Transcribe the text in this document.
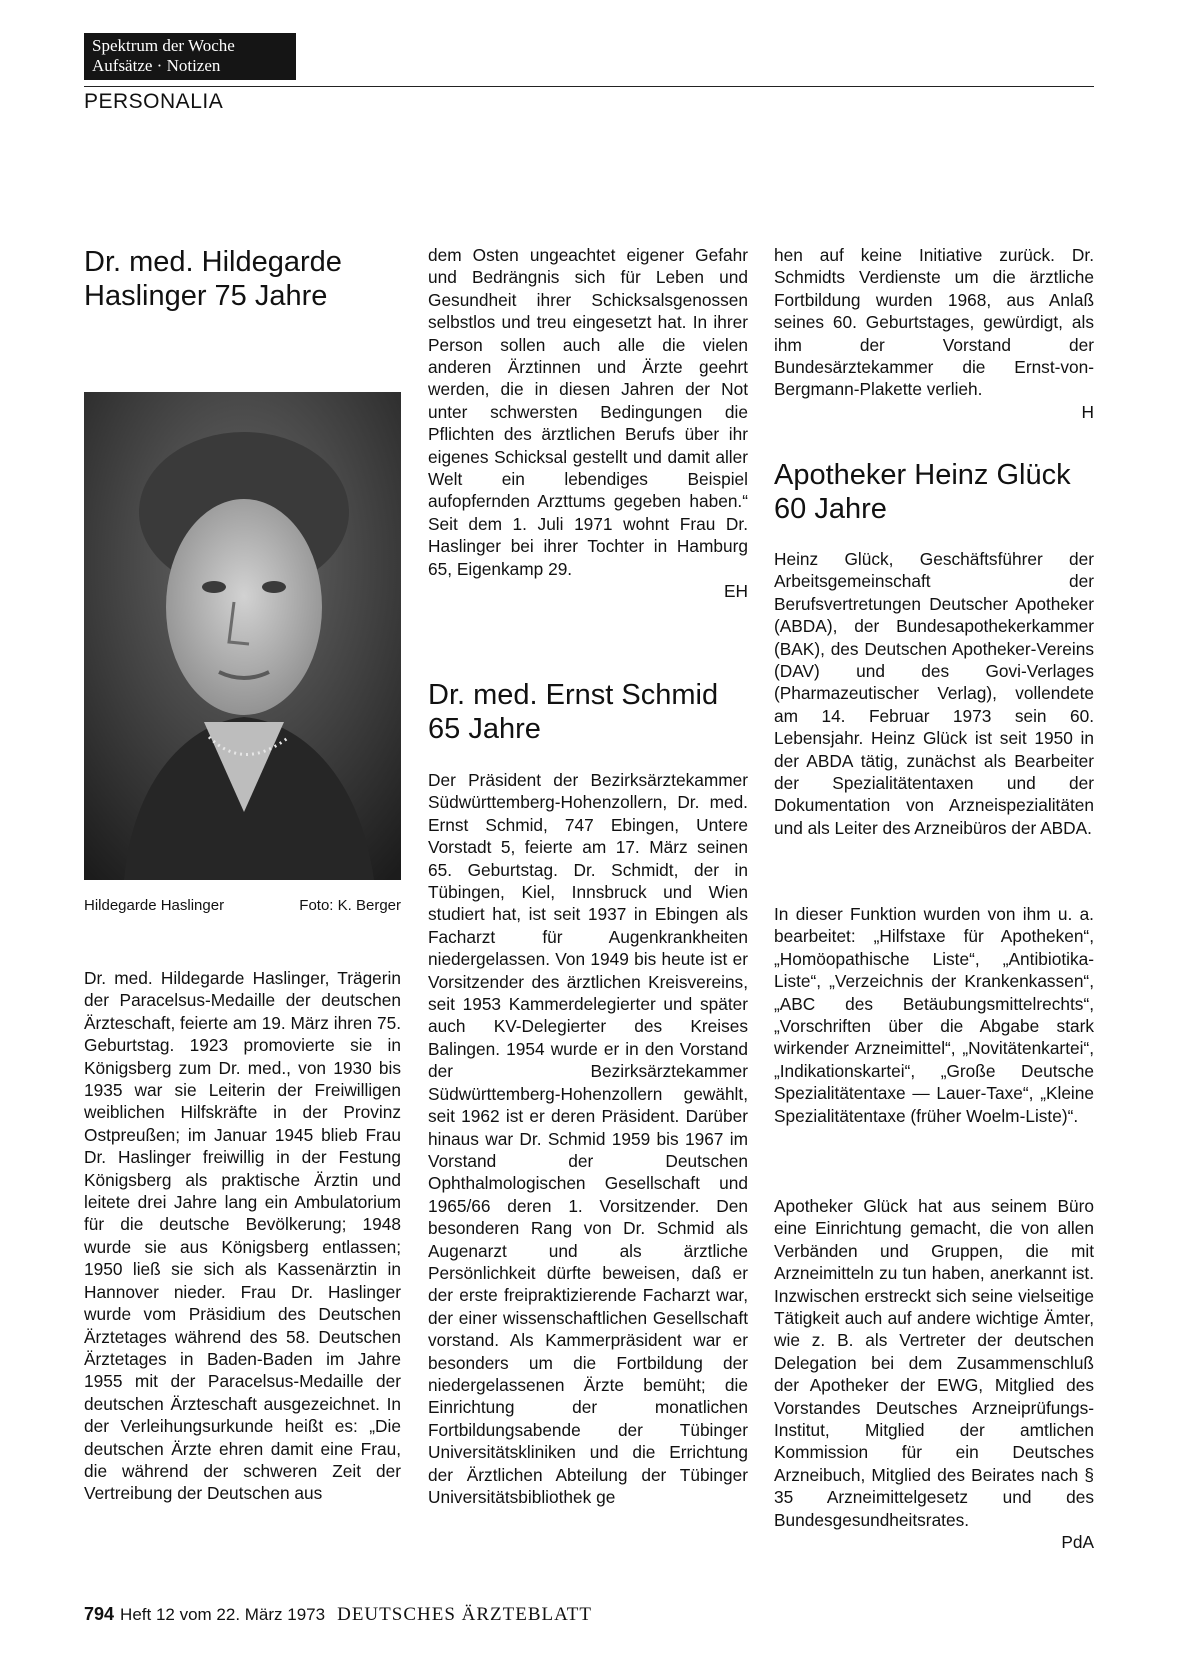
Spektrum der Woche
Aufsätze · Notizen
PERSONALIA
Dr. med. Hildegarde Haslinger 75 Jahre
Hildegarde Haslinger	Foto: K. Berger

Dr. med. Hildegarde Haslinger, Trägerin der Paracelsus-Medaille der deutschen Ärzteschaft, feierte am 19. März ihren 75. Geburtstag. 1923 promovierte sie in Königsberg zum Dr. med., von 1930 bis 1935 war sie Leiterin der Freiwilligen weiblichen Hilfskräfte in der Provinz Ostpreußen; im Januar 1945 blieb Frau Dr. Haslinger freiwillig in der Festung Königsberg als praktische Ärztin und leitete drei Jahre lang ein Ambulatorium für die deutsche Bevölkerung; 1948 wurde sie aus Königsberg entlassen; 1950 ließ sie sich als Kassenärztin in Hannover nieder. Frau Dr. Haslinger wurde vom Präsidium des Deutschen Ärztetages während des 58. Deutschen Ärztetages in Baden-Baden im Jahre 1955 mit der Paracelsus-Medaille der deutschen Ärzteschaft ausgezeichnet. In der Verleihungsurkunde heißt es: „Die deutschen Ärzte ehren damit eine Frau, die während der schweren Zeit der Vertreibung der Deutschen aus

dem Osten ungeachtet eigener Gefahr und Bedrängnis sich für Leben und Gesundheit ihrer Schicksalsgenossen selbstlos und treu eingesetzt hat. In ihrer Person sollen auch alle die vielen anderen Ärztinnen und Ärzte geehrt werden, die in diesen Jahren der Not unter schwersten Bedingungen die Pflichten des ärztlichen Berufs über ihr eigenes Schicksal gestellt und damit aller Welt ein lebendiges Beispiel aufopfernden Arzttums gegeben haben.“ Seit dem 1. Juli 1971 wohnt Frau Dr. Haslinger bei ihrer Tochter in Hamburg 65, Eigenkamp 29.
EH

Dr. med. Ernst Schmid 65 Jahre

Der Präsident der Bezirksärztekammer Südwürttemberg-Hohenzollern, Dr. med. Ernst Schmid, 747 Ebingen, Untere Vorstadt 5, feierte am 17. März seinen 65. Geburtstag. Dr. Schmidt, der in Tübingen, Kiel, Innsbruck und Wien studiert hat, ist seit 1937 in Ebingen als Facharzt für Augenkrankheiten niedergelassen. Von 1949 bis heute ist er Vorsitzender des ärztlichen Kreisvereins, seit 1953 Kammerdelegierter und später auch KV-Delegierter des Kreises Balingen. 1954 wurde er in den Vorstand der Bezirksärztekammer Südwürttemberg-Hohenzollern gewählt, seit 1962 ist er deren Präsident. Darüber hinaus war Dr. Schmid 1959 bis 1967 im Vorstand der Deutschen Ophthalmologischen Gesellschaft und 1965/66 deren 1. Vorsitzender. Den besonderen Rang von Dr. Schmid als Augenarzt und als ärztliche Persönlichkeit dürfte beweisen, daß er der erste freipraktizierende Facharzt war, der einer wissenschaftlichen Gesellschaft vorstand. Als Kammerpräsident war er besonders um die Fortbildung der niedergelassenen Ärzte bemüht; die Einrichtung der monatlichen Fortbildungsabende der Tübinger Universitätskliniken und die Errichtung der Ärztlichen Abteilung der Tübinger Universitätsbibliothek ge

hen auf keine Initiative zurück. Dr. Schmidts Verdienste um die ärztliche Fortbildung wurden 1968, aus Anlaß seines 60. Geburtstages, gewürdigt, als ihm der Vorstand der Bundesärztekammer die Ernst-von-Bergmann-Plakette verlieh.
H

Apotheker Heinz Glück 60 Jahre

Heinz Glück, Geschäftsführer der Arbeitsgemeinschaft der Berufsvertretungen Deutscher Apotheker (ABDA), der Bundesapothekerkammer (BAK), des Deutschen Apotheker-Vereins (DAV) und des Govi-Verlages (Pharmazeutischer Verlag), vollendete am 14. Februar 1973 sein 60. Lebensjahr. Heinz Glück ist seit 1950 in der ABDA tätig, zunächst als Bearbeiter der Spezialitätentaxen und der Dokumentation von Arzneispezialitäten und als Leiter des Arzneibüros der ABDA.

In dieser Funktion wurden von ihm u. a. bearbeitet: „Hilfstaxe für Apotheken“, „Homöopathische Liste“, „Antibiotika-Liste“, „Verzeichnis der Krankenkassen“, „ABC des Betäubungsmittelrechts“, „Vorschriften über die Abgabe stark wirkender Arzneimittel“, „Novitätenkartei“, „Indikationskartei“, „Große Deutsche Spezialitätentaxe — Lauer-Taxe“, „Kleine Spezialitätentaxe (früher Woelm-Liste)“.

Apotheker Glück hat aus seinem Büro eine Einrichtung gemacht, die von allen Verbänden und Gruppen, die mit Arzneimitteln zu tun haben, anerkannt ist. Inzwischen erstreckt sich seine vielseitige Tätigkeit auch auf andere wichtige Ämter, wie z. B. als Vertreter der deutschen Delegation bei dem Zusammenschluß der Apotheker der EWG, Mitglied des Vorstandes Deutsches Arzneiprüfungs-Institut, Mitglied der amtlichen Kommission für ein Deutsches Arzneibuch, Mitglied des Beirates nach § 35 Arzneimittelgesetz und des Bundesgesundheitsrates.
PdA

794 Heft 12 vom 22. März 1973 DEUTSCHES ÄRZTEBLATT
